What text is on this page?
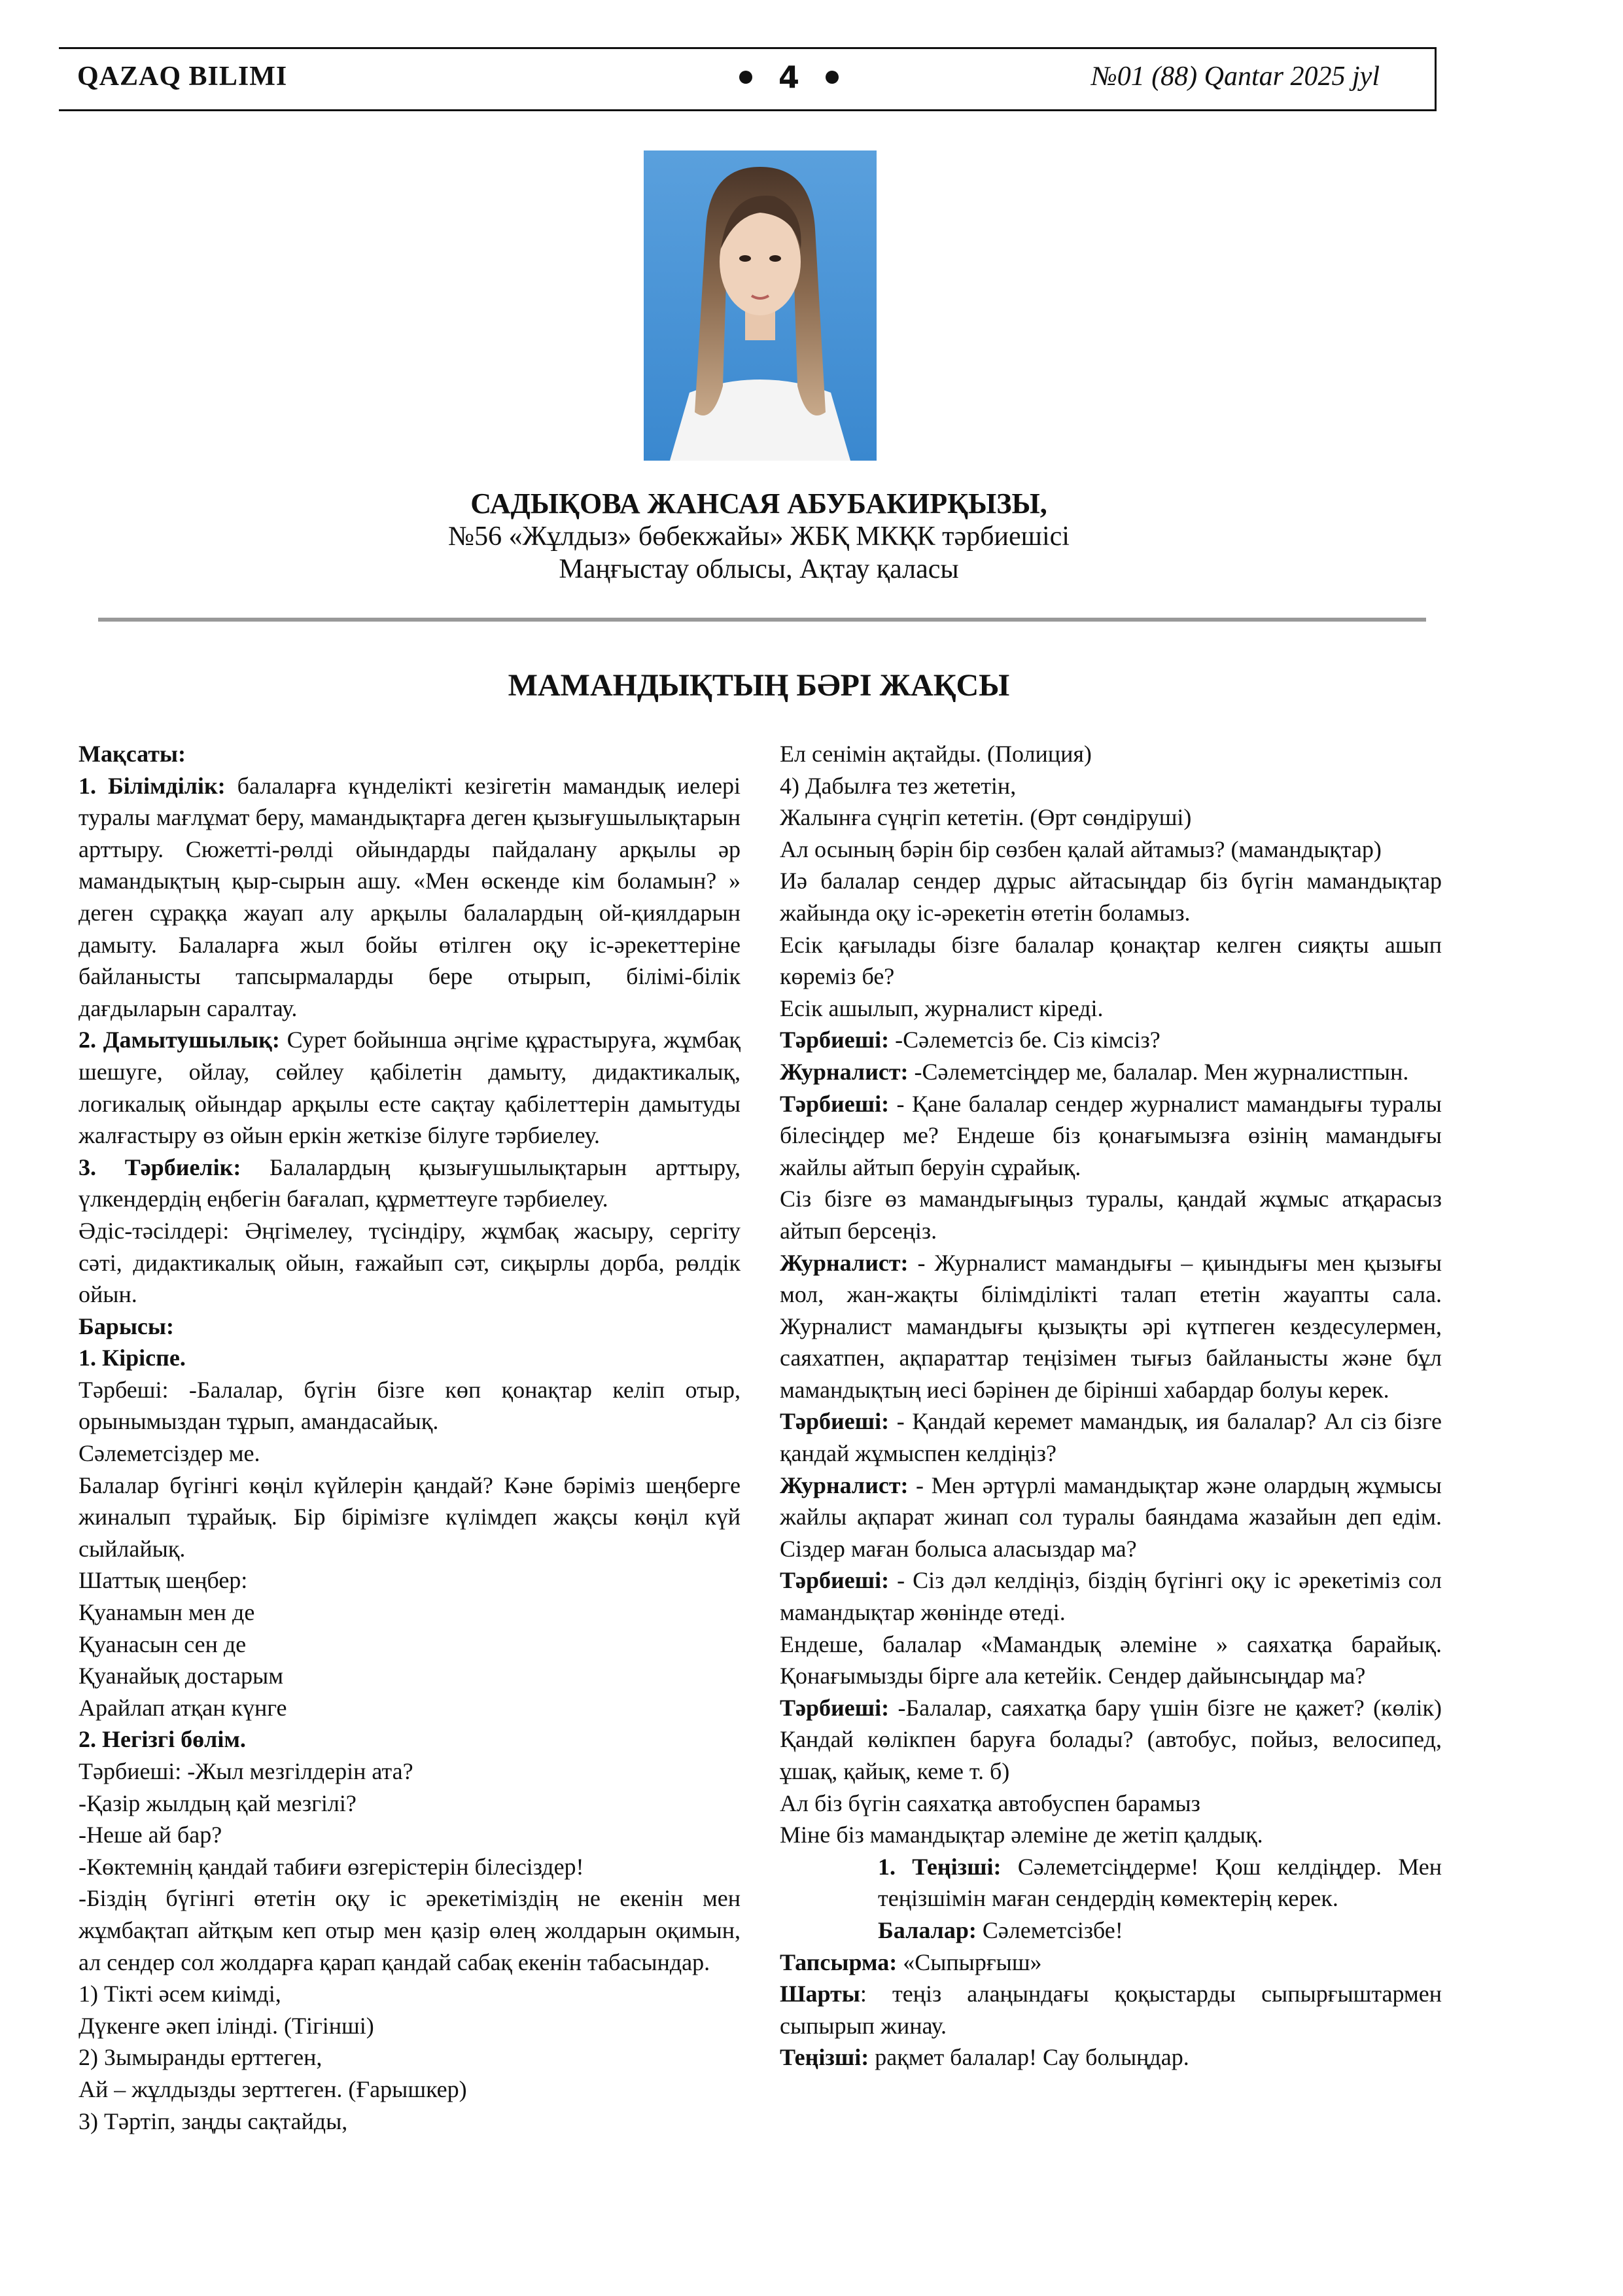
QAZAQ BILIMI	4	№01 (88) Qantar 2025 jyl
САДЫҚОВА ЖАНСАЯ АБУБАКИРҚЫЗЫ,
№56 «Жұлдыз» бөбекжайы» ЖБҚ МКҚК тәрбиешісі
Маңғыстау облысы, Ақтау қаласы
МАМАНДЫҚТЫҢ БӘРІ ЖАҚСЫ

Мақсаты:

1. Білімділік: балаларға күнделікті кезігетін мамандық иелері туралы мағлұмат беру, мамандықтарға деген қызығушылықтарын арттыру. Сюжетті-рөлді ойындарды пайдалану арқылы әр мамандықтың қыр-сырын ашу. «Мен өскенде кім боламын? » деген сұраққа жауап алу арқылы балалардың ой-қиялдарын дамыту. Балаларға жыл бойы өтілген оқу іс-әрекеттеріне байланысты тапсырмаларды бере отырып, білімі-білік дағдыларын саралтау.

2. Дамытушылық: Сурет бойынша әңгіме құрастыруға, жұмбақ шешуге, ойлау, сөйлеу қабілетін дамыту, дидактикалық, логикалық ойындар арқылы есте сақтау қабілеттерін дамытуды жалғастыру өз ойын еркін жеткізе білуге тәрбиелеу.

3. Тәрбиелік: Балалардың қызығушылықтарын арттыру, үлкендердің еңбегін бағалап, құрметтеуге тәрбиелеу.

Әдіс-тәсілдері: Әңгімелеу, түсіндіру, жұмбақ жасыру, сергіту сәті, дидактикалық ойын, ғажайып сәт, сиқырлы дорба, рөлдік ойын.

Барысы:

1. Кіріспе.

Тәрбеші: -Балалар, бүгін бізге көп қонақтар келіп отыр, орынымыздан тұрып, амандасайық.

Сәлеметсіздер ме.

Балалар бүгінгі көңіл күйлерін қандай? Кәне бәріміз шеңберге жиналып тұрайық. Бір бірімізге күлімдеп жақсы көңіл күй сыйлайық.

Шаттық шеңбер:

Қуанамын мен де

Қуанасын сен де

Қуанайық достарым

Арайлап атқан күнге

2. Негізгі бөлім.

Тәрбиеші: -Жыл мезгілдерін ата?

-Қазір жылдың қай мезгілі?

-Неше ай бар?

-Көктемнің қандай табиғи өзгерістерін білесіздер!

-Біздің бүгінгі өтетін оқу іс әрекетіміздің не екенін мен жұмбақтап айтқым кеп отыр мен қазір өлең жолдарын оқимын, ал сендер сол жолдарға қарап қандай сабақ екенін табасындар.

1) Тікті әсем киімді,

Дүкенге әкеп ілінді. (Тігінші)

2) Зымыранды ерттеген,

Ай – жұлдызды зерттеген. (Ғарышкер)

3) Тәртіп, заңды сақтайды,

Ел сенімін ақтайды. (Полиция)

4) Дабылға тез жететін,

Жалынға сүңгіп кететін. (Өрт сөндіруші)

Ал осының бәрін бір сөзбен қалай айтамыз? (мамандықтар)

Иә балалар сендер дұрыс айтасыңдар біз бүгін мамандықтар жайында оқу іс-әрекетін өтетін боламыз.

Есік қағылады бізге балалар қонақтар келген сияқты ашып көреміз бе?

Есік ашылып, журналист кіреді.

Тәрбиеші: -Сәлеметсіз бе. Сіз кімсіз?

Журналист: -Сәлеметсіңдер ме, балалар. Мен журналистпын.

Тәрбиеші: - Қане балалар сендер журналист мамандығы туралы білесіңдер ме? Ендеше біз қонағымызға өзінің мамандығы жайлы айтып беруін сұрайық.

Сіз бізге өз мамандығыңыз туралы, қандай жұмыс атқарасыз айтып берсеңіз.

Журналист: - Журналист мамандығы – қиындығы мен қызығы мол, жан-жақты білімділікті талап ететін жауапты сала. Журналист мамандығы қызықты әрі күтпеген кездесулермен, саяхатпен, ақпараттар теңізімен тығыз байланысты және бұл мамандықтың иесі бәрінен де бірінші хабардар болуы керек.

Тәрбиеші: - Қандай керемет мамандық, ия балалар? Ал сіз бізге қандай жұмыспен келдіңіз?

Журналист: - Мен әртүрлі мамандықтар және олардың жұмысы жайлы ақпарат жинап сол туралы баяндама жазайын деп едім. Сіздер маған болыса аласыздар ма?

Тәрбиеші: - Сіз дәл келдіңіз, біздің бүгінгі оқу іс әрекетіміз сол мамандықтар жөнінде өтеді.

Ендеше, балалар «Мамандық әлеміне » саяхатқа барайық. Қонағымызды бірге ала кетейік. Сендер дайынсыңдар ма?

Тәрбиеші: -Балалар, саяхатқа бару үшін бізге не қажет? (көлік) Қандай көлікпен баруға болады? (автобус, пойыз, велосипед, ұшақ, қайық, кеме т. б)

Ал біз бүгін саяхатқа автобуспен барамыз

Міне біз мамандықтар әлеміне де жетіп қалдық.

1. Теңізші: Сәлеметсіңдерме! Қош келдіңдер. Мен теңізшімін маған сендердің көмектерің керек.

Балалар: Сәлеметсізбе!

Тапсырма: «Сыпырғыш»

Шарты: теңіз алаңындағы қоқыстарды сыпырғыштармен сыпырып жинау.

Теңізші: рақмет балалар! Сау болыңдар.
